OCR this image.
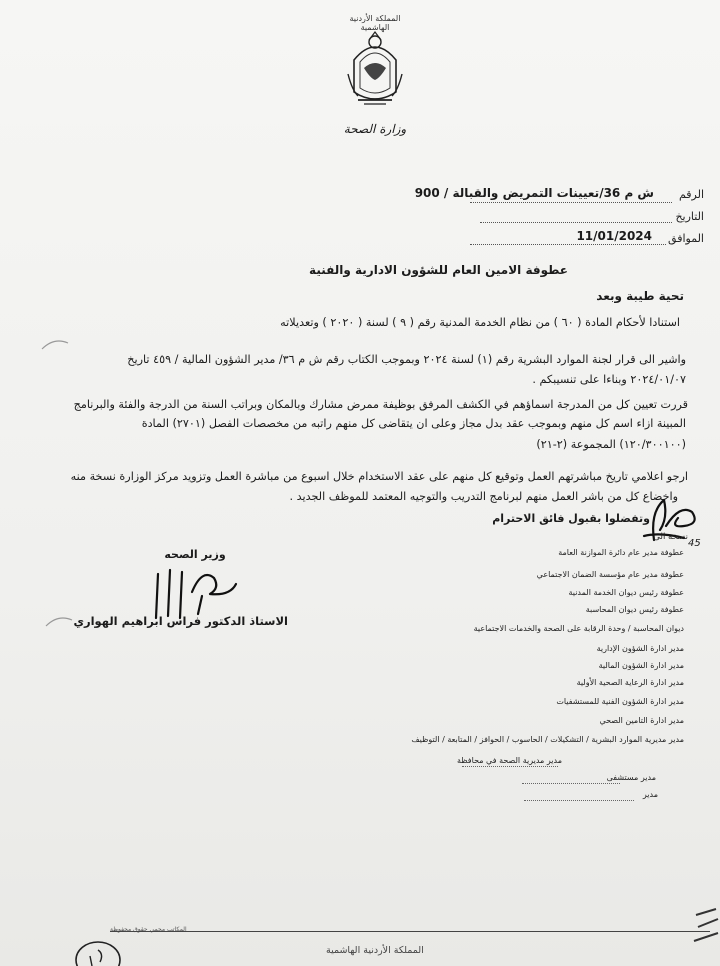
المملكة الأردنية الهاشمية
وزارة الصحة
الرقم
ش م 36/تعيينات التمريض والقبالة / 900
التاريخ
الموافق
11/01/2024
عطوفة الامين العام للشؤون الادارية والفنية
تحية طيبة وبعد
استنادا لأحكام المادة ( ٦٠ ) من نظام الخدمة المدنية رقم ( ٩ ) لسنة ( ٢٠٢٠ ) وتعديلاته
واشير الى قرار لجنة الموارد البشرية رقم (١) لسنة ٢٠٢٤ وبموجب الكتاب رقم ش م ٣٦/ مدير الشؤون المالية / ٤٥٩ تاريخ
٢٠٢٤/٠١/٠٧ وبناءا على تنسيبكم .
قررت تعيين كل من المدرجة اسماؤهم في الكشف المرفق بوظيفة ممرض مشارك وبالمكان وبراتب السنة من الدرجة والفئة والبرنامج
المبينة ازاء اسم كل منهم وبموجب عقد بدل مجاز وعلى ان يتقاضى كل منهم راتبه من مخصصات الفصل (٢٧٠١) المادة
(١٢٠/٣٠٠١٠٠) المجموعة (٢-٢١)
ارجو اعلامي تاريخ مباشرتهم العمل وتوقيع كل منهم على عقد الاستخدام خلال اسبوع من مباشرة العمل وتزويد مركز الوزارة نسخة منه
واخضاع كل من باشر العمل منهم لبرنامج التدريب والتوجيه المعتمد للموظف الجديد .
وتفضلوا بقبول فائق الاحترام
وزير الصحه
الاستاذ الدكتور فراس ابراهيم الهواري
45
نسخة الى
عطوفة مدير عام دائرة الموازنة العامة
عطوفة مدير عام مؤسسة الضمان الاجتماعي
عطوفة رئيس ديوان الخدمة المدنية
عطوفة رئيس ديوان المحاسبة
ديوان المحاسبة / وحدة الرقابة على الصحة والخدمات الاجتماعية
مدير ادارة الشؤون الإدارية
مدير ادارة الشؤون المالية
مدير ادارة الرعاية الصحية الأولية
مدير ادارة الشؤون الفنية للمستشفيات
مدير ادارة التامين الصحي
مدير مديرية الموارد البشرية / التشكيلات / الحاسوب / الحوافز / المتابعة / التوظيف
مدير مديرية الصحة في محافظة
مدير مستشفى
مدير
المكاتب محمي حقوق محفوظة
المملكة الأردنية الهاشمية
